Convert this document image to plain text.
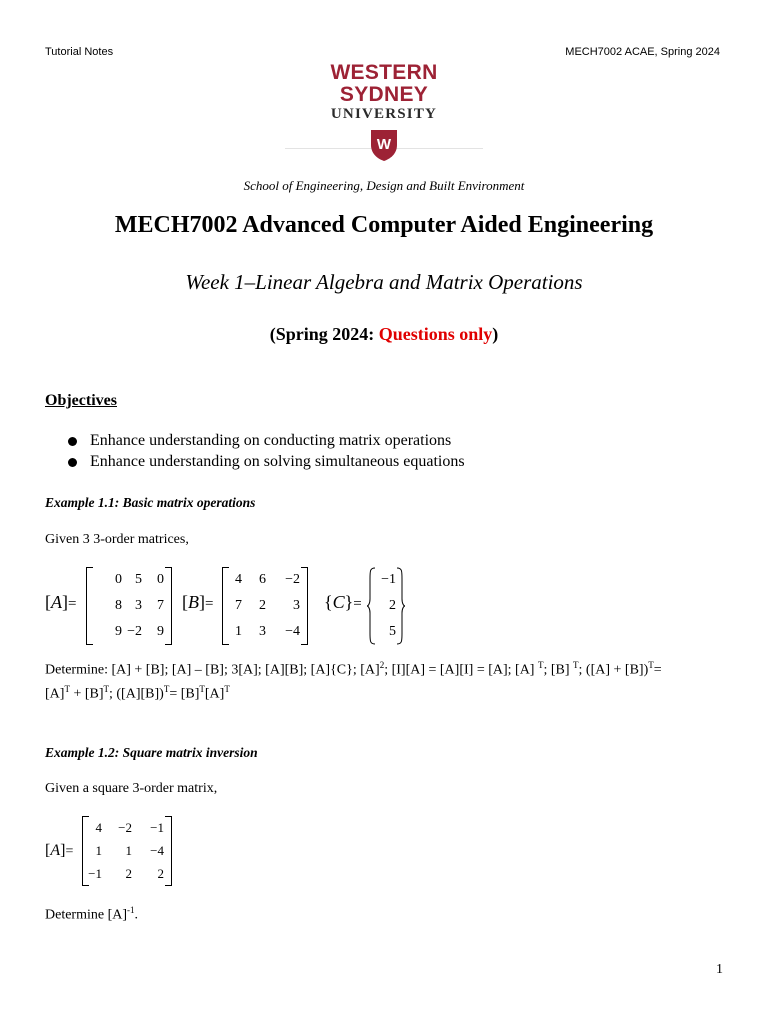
Tutorial Notes	MECH7002 ACAE, Spring 2024
WESTERN SYDNEY
UNIVERSITY
W
School of Engineering, Design and Built Environment
MECH7002 Advanced Computer Aided Engineering
Week 1–Linear Algebra and Matrix Operations
(Spring 2024: Questions only)
Objectives
Enhance understanding on conducting matrix operations
Enhance understanding on solving simultaneous equations
Example 1.1: Basic matrix operations
Given 3 3-order matrices,
[A]=
0
8
9
5
3
−2
0
7
9
[B]=
4
7
1
6
2
3
−2
3
−4
{C}=
−1
2
5
Determine: [A] + [B]; [A] – [B]; 3[A]; [A][B]; [A]{C}; $[A]^2$; [I][A] = [A][I] = [A]; [A] $^T$; [B] $^T$; $([A] + [B])^T=$
$[A]^T + [B]^T$; $([A][B])^T= [B]^T[A]^T$
Example 1.2: Square matrix inversion
Given a square 3-order matrix,
[A]=
4
1
−1
−2
1
2
−1
−4
2
Determine $[A]^{-1}$.
1
